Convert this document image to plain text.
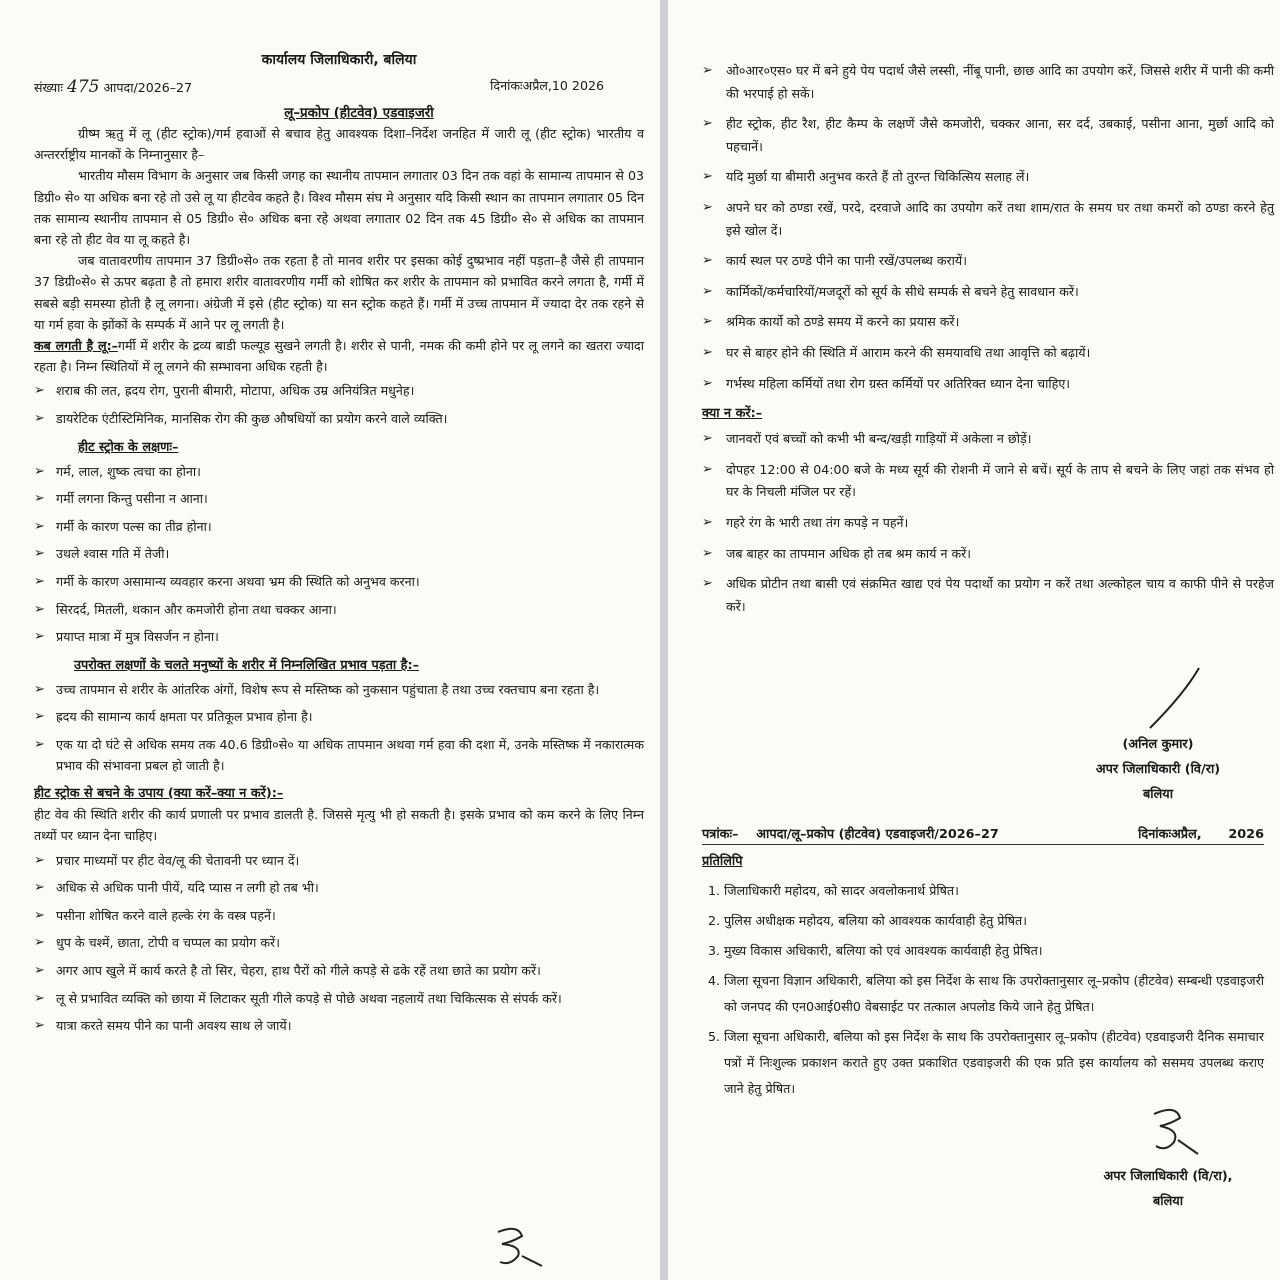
कार्यालय जिलाधिकारी, बलिया
संख्याः 475 आपदा/2026–27	दिनांकःअप्रैल,10 2026
लू–प्रकोप (हीटवेव) एडवाइजरी

ग्रीष्म ऋतु में लू (हीट स्ट्रोक)/गर्म हवाओं से बचाव हेतु आवश्यक दिशा–निर्देश जनहित में जारी लू (हीट स्ट्रोक) भारतीय व अन्तरर्राष्ट्रीय मानकों के निम्नानुसार है–

भारतीय मौसम विभाग के अनुसार जब किसी जगह का स्थानीय तापमान लगातार 03 दिन तक वहां के सामान्य तापमान से 03 डिग्री० से० या अधिक बना रहे तो उसे लू या हीटवेव कहते है। विश्व मौसम संघ मे अनुसार यदि किसी स्थान का तापमान लगातार 05 दिन तक सामान्य स्थानीय तापमान से 05 डिग्री० से० अधिक बना रहे अथवा लगातार 02 दिन तक 45 डिग्री० से० से अधिक का तापमान बना रहे तो हीट वेव या लू कहते है।

जब वातावरणीय तापमान 37 डिग्री०से० तक रहता है तो मानव शरीर पर इसका कोई दुष्प्रभाव नहीं पड़ता–है जैसे ही तापमान 37 डिग्री०से० से ऊपर बढ़ता है तो हमारा शरीर वातावरणीय गर्मी को शोषित कर शरीर के तापमान को प्रभावित करने लगता है, गर्मी में सबसे बड़ी समस्या होती है लू लगना। अंग्रेजी में इसे (हीट स्ट्रोक) या सन स्ट्रोक कहते हैं। गर्मी में उच्च तापमान में ज्यादा देर तक रहने से या गर्म हवा के झोंकों के सम्पर्क में आने पर लू लगती है।

कब लगती है लू:–गर्मी में शरीर के द्रव्य बाडी फल्यूड सुखने लगती है। शरीर से पानी, नमक की कमी होने पर लू लगने का खतरा ज्यादा रहता है। निम्न स्थितियों में लू लगने की सम्भावना अधिक रहती है।

➢ शराब की लत, ह्रदय रोग, पुरानी बीमारी, मोटापा, अधिक उम्र अनियंत्रित मधुनेह।
➢ डायरेटिक एंटीस्टिमिनिक, मानसिक रोग की कुछ औषधियों का प्रयोग करने वाले व्यक्ति।
हीट स्ट्रोक के लक्षणः–
➢ गर्म, लाल, शुष्क त्वचा का होना।
➢ गर्मी लगना किन्तु पसीना न आना।
➢ गर्मी के कारण पल्स का तीव्र होना।
➢ उथले श्वास गति में तेजी।
➢ गर्मी के कारण असामान्य व्यवहार करना अथवा भ्रम की स्थिति को अनुभव करना।
➢ सिरदर्द, मितली, थकान और कमजोरी होना तथा चक्कर आना।
➢ प्रयाप्त मात्रा में मुत्र विसर्जन न होना।
उपरोक्त लक्षणों के चलते मनुष्यों के शरीर में निम्नलिखित प्रभाव पड़ता है:–
➢ उच्च तापमान से शरीर के आंतरिक अंगों, विशेष रूप से मस्तिष्क को नुकसान पहुंचाता है तथा उच्च रक्तचाप बना रहता है।
➢ ह्रदय की सामान्य कार्य क्षमता पर प्रतिकूल प्रभाव होना है।
➢ एक या दो घंटे से अधिक समय तक 40.6 डिग्री०से० या अधिक तापमान अथवा गर्म हवा की दशा में, उनके मस्तिष्क में नकारात्मक प्रभाव की संभावना प्रबल हो जाती है।
हीट स्ट्रोक से बचने के उपाय (क्या करें–क्या न करें):–

हीट वेव की स्थिति शरीर की कार्य प्रणाली पर प्रभाव डालती है. जिससे मृत्यु भी हो सकती है। इसके प्रभाव को कम करने के लिए निम्न तथ्यों पर ध्यान देना चाहिए।

➢ प्रचार माध्यमों पर हीट वेव/लू की चेतावनी पर ध्यान दें।
➢ अधिक से अधिक पानी पीयें, यदि प्यास न लगी हो तब भी।
➢ पसीना शोषित करने वाले हल्के रंग के वस्त्र पहनें।
➢ धुप के चश्में, छाता, टोपी व चप्पल का प्रयोग करें।
➢ अगर आप खुले में कार्य करते है तो सिर, चेहरा, हाथ पैरों को गीले कपड़े से ढके रहें तथा छाते का प्रयोग करें।
➢ लू से प्रभावित व्यक्ति को छाया में लिटाकर सूती गीले कपड़े से पोछे अथवा नहलायें तथा चिकित्सक से संपर्क करें।
➢ यात्रा करते समय पीने का पानी अवश्य साथ ले जायें।
➢ ओ०आर०एस० घर में बने हुये पेय पदार्थ जैसे लस्सी, नींबू पानी, छाछ आदि का उपयोग करें, जिससे शरीर में पानी की कमी की भरपाई हो सकें।
➢ हीट स्ट्रोक, हीट रैश, हीट कैम्प के लक्षणें जैसे कमजोरी, चक्कर आना, सर दर्द, उबकाई, पसीना आना, मुर्छा आदि को पहचानें।
➢ यदि मुर्छा या बीमारी अनुभव करते हैं तो तुरन्त चिकित्सिय सलाह लें।
➢ अपने घर को ठण्डा रखें, परदे, दरवाजे आदि का उपयोग करें तथा शाम/रात के समय घर तथा कमरों को ठण्डा करने हेतु इसे खोल दें।
➢ कार्य स्थल पर ठण्डे पीने का पानी रखें/उपलब्ध करायें।
➢ कार्मिकों/कर्मचारियों/मजदूरों को सूर्य के सीधे सम्पर्क से बचने हेतु सावधान करें।
➢ श्रमिक कार्यो को ठण्डे समय में करने का प्रयास करें।
➢ घर से बाहर होने की स्थिति में आराम करने की समयावधि तथा आवृत्ति को बढ़ायें।
➢ गर्भस्थ महिला कर्मियों तथा रोग ग्रस्त कर्मियों पर अतिरिक्त ध्यान देना चाहिए।
क्या न करें:–
➢ जानवरों एवं बच्चों को कभी भी बन्द/खड़ी गाड़ियों में अकेला न छोड़ें।
➢ दोपहर 12:00 से 04:00 बजे के मध्य सूर्य की रोशनी में जाने से बचें। सूर्य के ताप से बचने के लिए जहां तक संभव हो घर के निचली मंजिल पर रहें।
➢ गहरे रंग के भारी तथा तंग कपड़े न पहनें।
➢ जब बाहर का तापमान अधिक हो तब श्रम कार्य न करें।
➢ अधिक प्रोटीन तथा बासी एवं संक्रमित खाद्य एवं पेय पदार्थो का प्रयोग न करें तथा अल्कोहल चाय व काफी पीने से परहेज करें।
(अनिल कुमार)
अपर जिलाधिकारी (वि/रा)
बलिया
पत्रांकः– आपदा/लू–प्रकोप (हीटवेव) एडवाइजरी/2026–27	दिनांकःअप्रैल, 2026
प्रतिलिपि
1. जिलाधिकारी महोदय, को सादर अवलोकनार्थ प्रेषित।
2. पुलिस अधीक्षक महोदय, बलिया को आवश्यक कार्यवाही हेतु प्रेषित।
3. मुख्य विकास अधिकारी, बलिया को एवं आवश्यक कार्यवाही हेतु प्रेषित।
4. जिला सूचना विज्ञान अधिकारी, बलिया को इस निर्देश के साथ कि उपरोक्तानुसार लू–प्रकोप (हीटवेव) सम्बन्धी एडवाइजरी को जनपद की एन0आई0सी0 वेबसाईट पर तत्काल अपलोड किये जाने हेतु प्रेषित।
5. जिला सूचना अधिकारी, बलिया को इस निर्देश के साथ कि उपरोक्तानुसार लू–प्रकोप (हीटवेव) एडवाइजरी दैनिक समाचार पत्रों में निःशुल्क प्रकाशन कराते हुए उक्त प्रकाशित एडवाइजरी की एक प्रति इस कार्यालय को ससमय उपलब्ध कराए जाने हेतु प्रेषित।
अपर जिलाधिकारी (वि/रा),
बलिया
